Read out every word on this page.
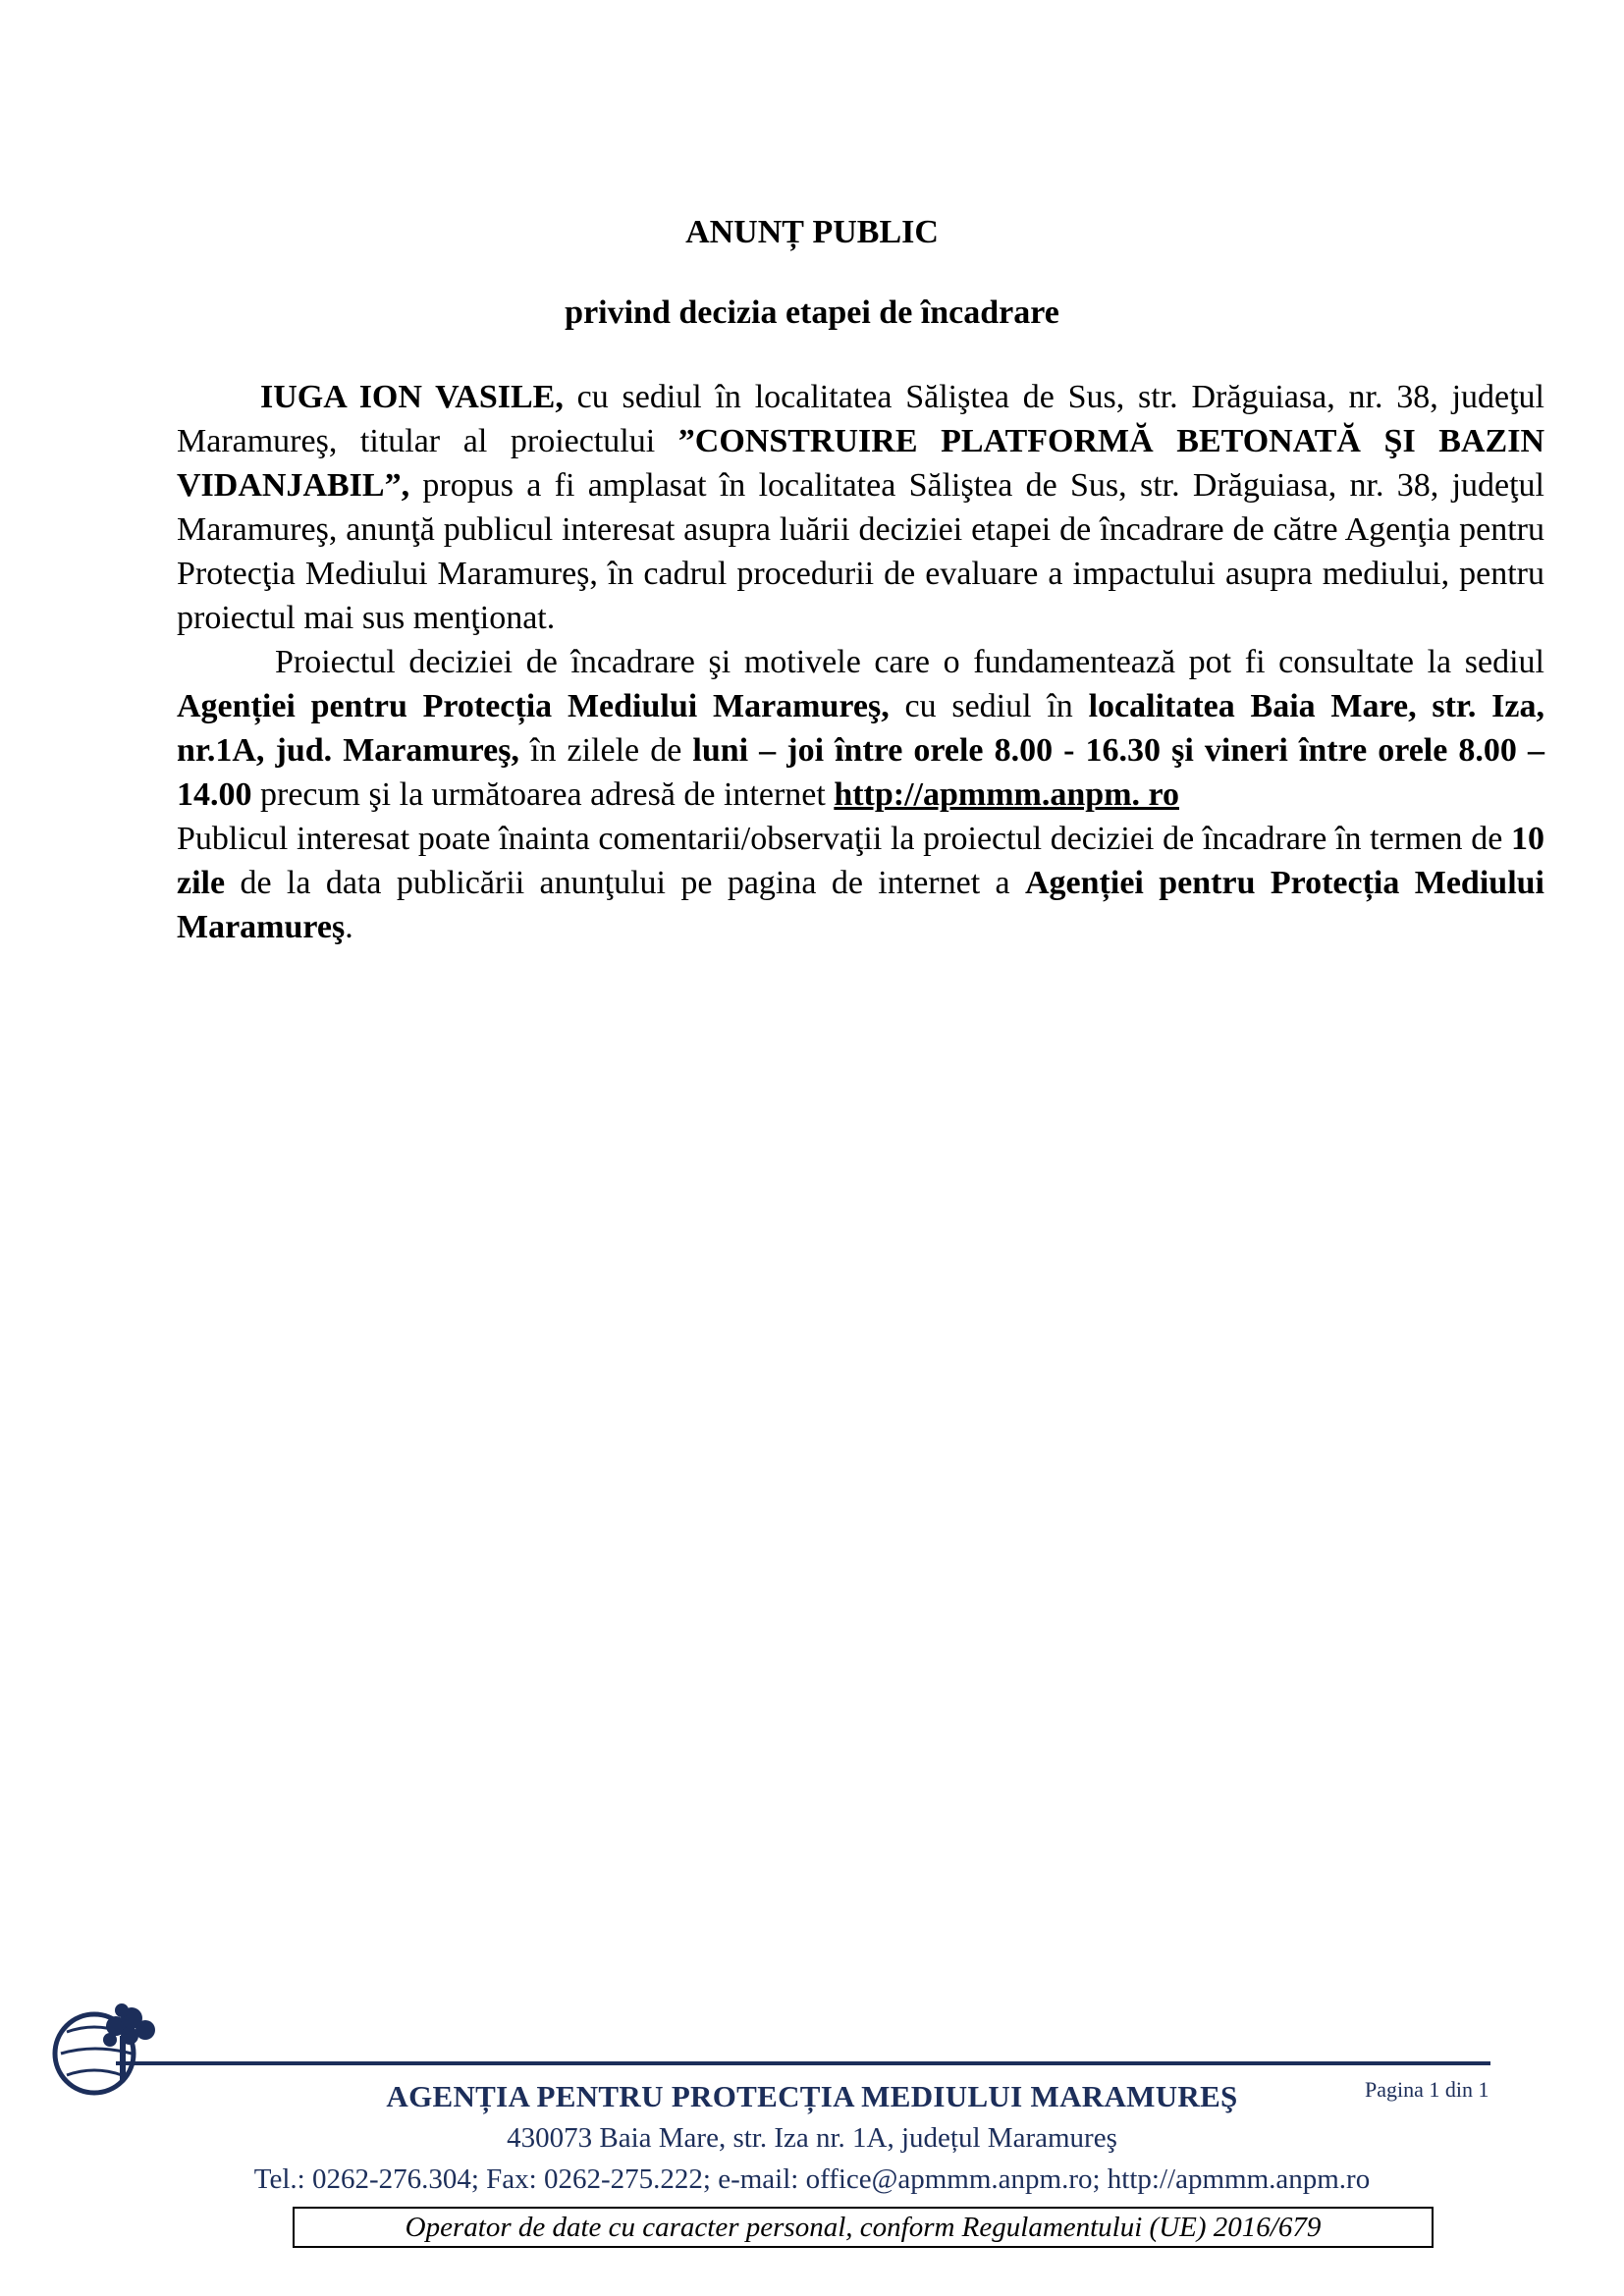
ANUNȚ PUBLIC
privind decizia etapei de încadrare

IUGA ION VASILE, cu sediul în localitatea Săliştea de Sus, str. Drăguiasa, nr. 38, judeţul Maramureş, titular al proiectului ”CONSTRUIRE PLATFORMĂ BETONATĂ ŞI BAZIN VIDANJABIL”, propus a fi amplasat în localitatea Săliştea de Sus, str. Drăguiasa, nr. 38, judeţul Maramureş, anunţă publicul interesat asupra luării deciziei etapei de încadrare de către Agenţia pentru Protecţia Mediului Maramureş, în cadrul procedurii de evaluare a impactului asupra mediului, pentru proiectul mai sus menţionat.

Proiectul deciziei de încadrare şi motivele care o fundamentează pot fi consultate la sediul Agenției pentru Protecția Mediului Maramureş, cu sediul în localitatea Baia Mare, str. Iza, nr.1A, jud. Maramureş, în zilele de luni – joi între orele 8.00 - 16.30 şi vineri între orele 8.00 – 14.00 precum şi la următoarea adresă de internet http://apmmm.anpm. ro

Publicul interesat poate înainta comentarii/observaţii la proiectul deciziei de încadrare în termen de 10 zile de la data publicării anunţului pe pagina de internet a Agenției pentru Protecția Mediului Maramureş.

AGENȚIA PENTRU PROTECȚIA MEDIULUI MARAMUREŞ	Pagina 1 din 1
430073 Baia Mare, str. Iza nr. 1A, județul Maramureş
Tel.: 0262-276.304; Fax: 0262-275.222; e-mail: office@apmmm.anpm.ro; http://apmmm.anpm.ro
Operator de date cu caracter personal, conform Regulamentului (UE) 2016/679
